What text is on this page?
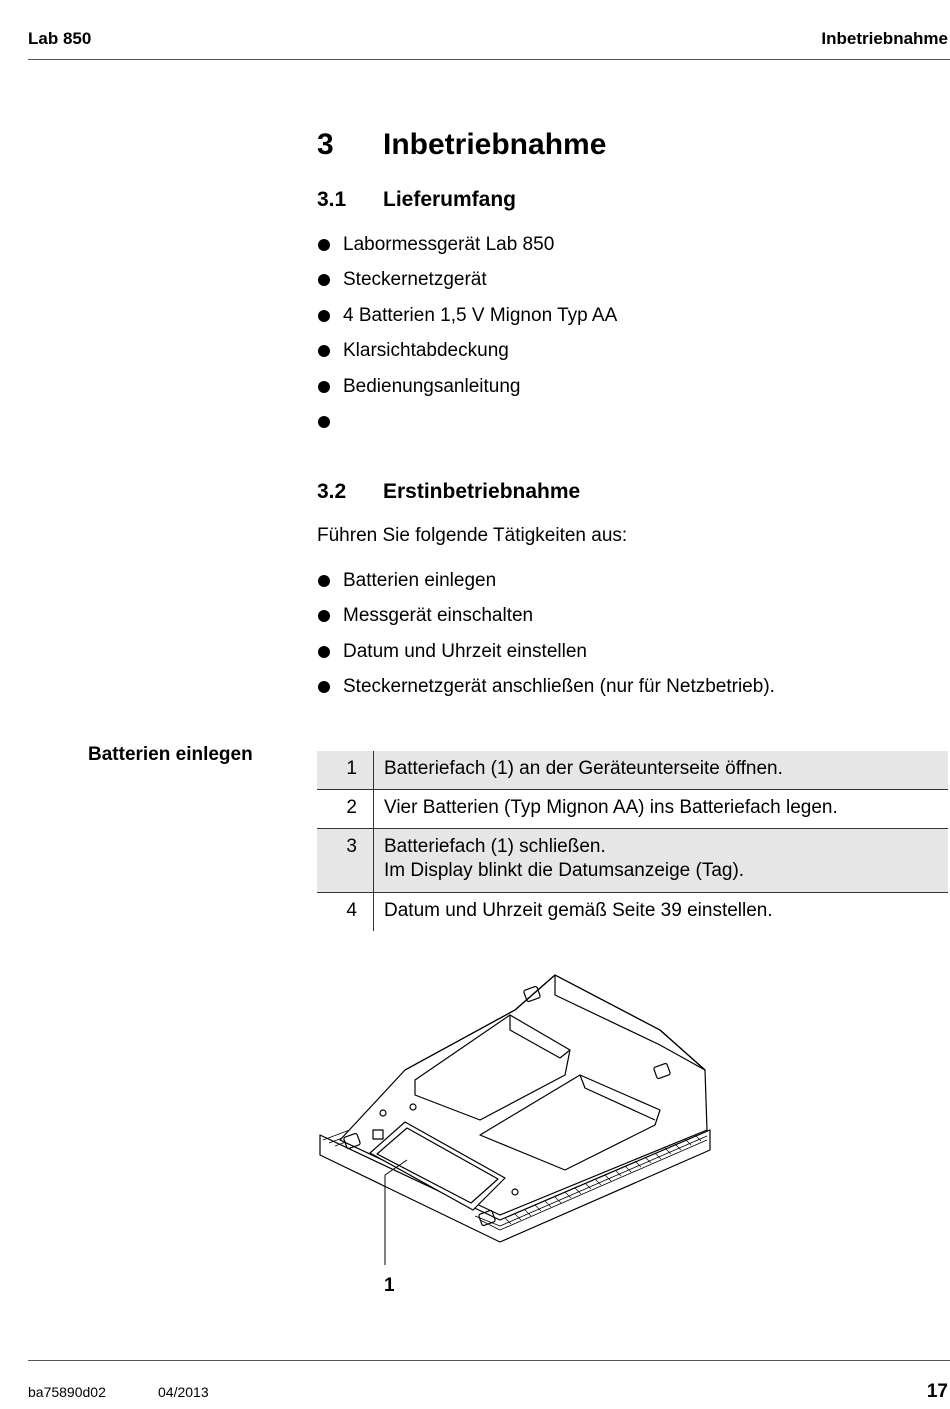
Lab 850	Inbetriebnahme
3 Inbetriebnahme
3.1 Lieferumfang
Labormessgerät Lab 850
Steckernetzgerät
4 Batterien 1,5 V Mignon Typ AA
Klarsichtabdeckung
Bedienungsanleitung
3.2 Erstinbetriebnahme
Führen Sie folgende Tätigkeiten aus:
Batterien einlegen
Messgerät einschalten
Datum und Uhrzeit einstellen
Steckernetzgerät anschließen (nur für Netzbetrieb).
Batterien einlegen
1	Batteriefach (1) an der Geräteunterseite öffnen.
2	Vier Batterien (Typ Mignon AA) ins Batteriefach legen.
3	Batteriefach (1) schließen.
Im Display blinkt die Datumsanzeige (Tag).
4	Datum und Uhrzeit gemäß Seite 39 einstellen.
1
ba75890d02	04/2013	17
